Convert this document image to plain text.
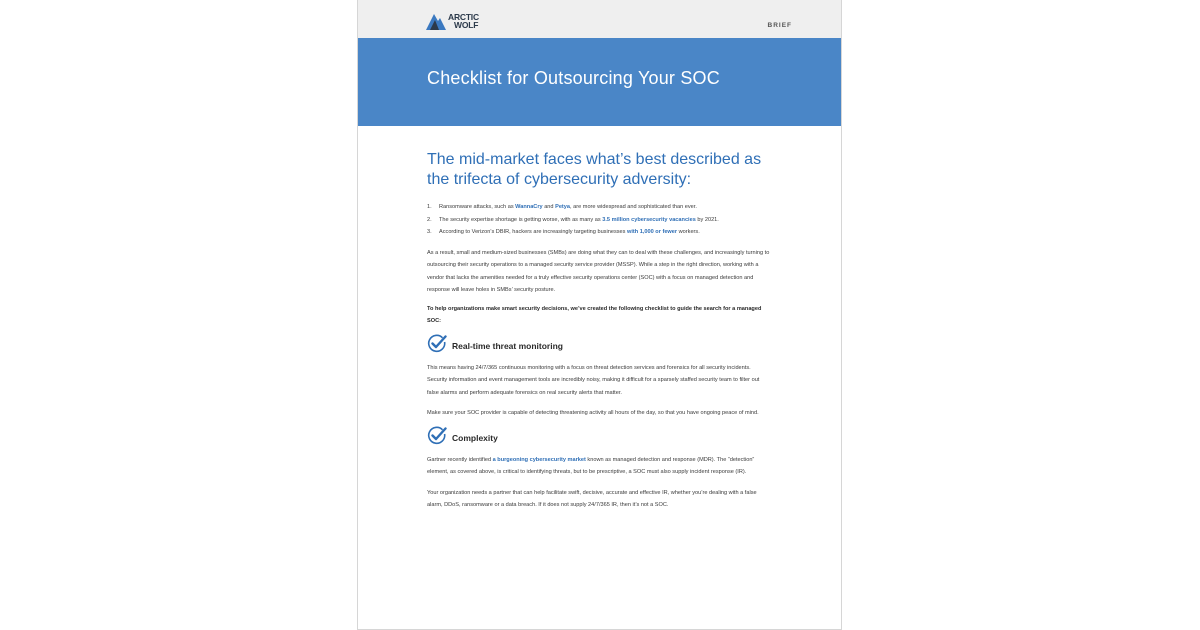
ARCTIC
WOLF	BRIEF
Checklist for Outsourcing Your SOC
The mid-market faces what’s best described as the trifecta of cybersecurity adversity:
1.	Ransomware attacks, such as WannaCry and Petya, are more widespread and sophisticated than ever.
2.	The security expertise shortage is getting worse, with as many as 3.5 million cybersecurity vacancies by 2021.
3.	According to Verizon’s DBIR, hackers are increasingly targeting businesses with 1,000 or fewer workers.

As a result, small and medium-sized businesses (SMBs) are doing what they can to deal with these challenges, and increasingly turning to outsourcing their security operations to a managed security service provider (MSSP). While a step in the right direction, working with a vendor that lacks the amenities needed for a truly effective security operations center (SOC) with a focus on managed detection and response will leave holes in SMBs’ security posture.

To help organizations make smart security decisions, we’ve created the following checklist to guide the search for a managed SOC:

Real-time threat monitoring

This means having 24/7/365 continuous monitoring with a focus on threat detection services and forensics for all security incidents. Security information and event management tools are incredibly noisy, making it difficult for a sparsely staffed security team to filter out false alarms and perform adequate forensics on real security alerts that matter.

Make sure your SOC provider is capable of detecting threatening activity all hours of the day, so that you have ongoing peace of mind.

Complexity

Gartner recently identified a burgeoning cybersecurity market known as managed detection and response (MDR). The “detection” element, as covered above, is critical to identifying threats, but to be prescriptive, a SOC must also supply incident response (IR).

Your organization needs a partner that can help facilitate swift, decisive, accurate and effective IR, whether you’re dealing with a false alarm, DDoS, ransomware or a data breach. If it does not supply 24/7/365 IR, then it’s not a SOC.
